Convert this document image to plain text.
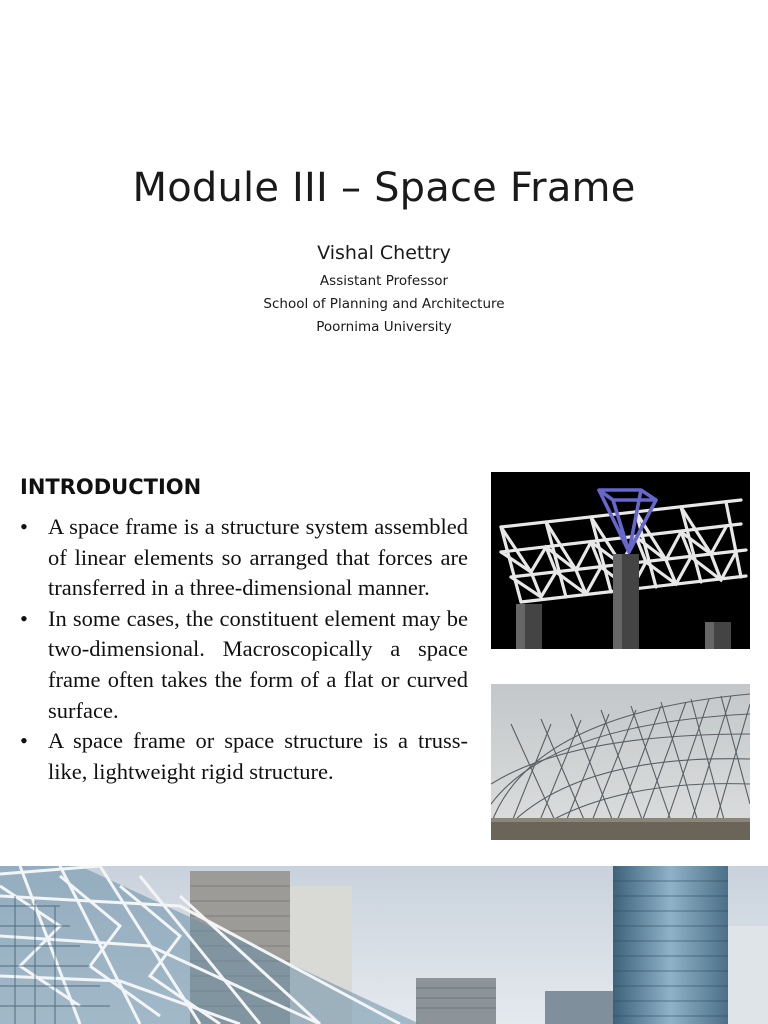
Module III – Space Frame
Vishal Chettry
Assistant Professor
School of Planning and Architecture
Poornima University
INTRODUCTION
• A space frame is a structure system assembled of linear elements so arranged that forces are transferred in a three-dimensional manner.
• In some cases, the constituent element may be two-dimensional. Macroscopically a space frame often takes the form of a flat or curved surface.
• A space frame or space structure is a truss-like, lightweight rigid structure.
